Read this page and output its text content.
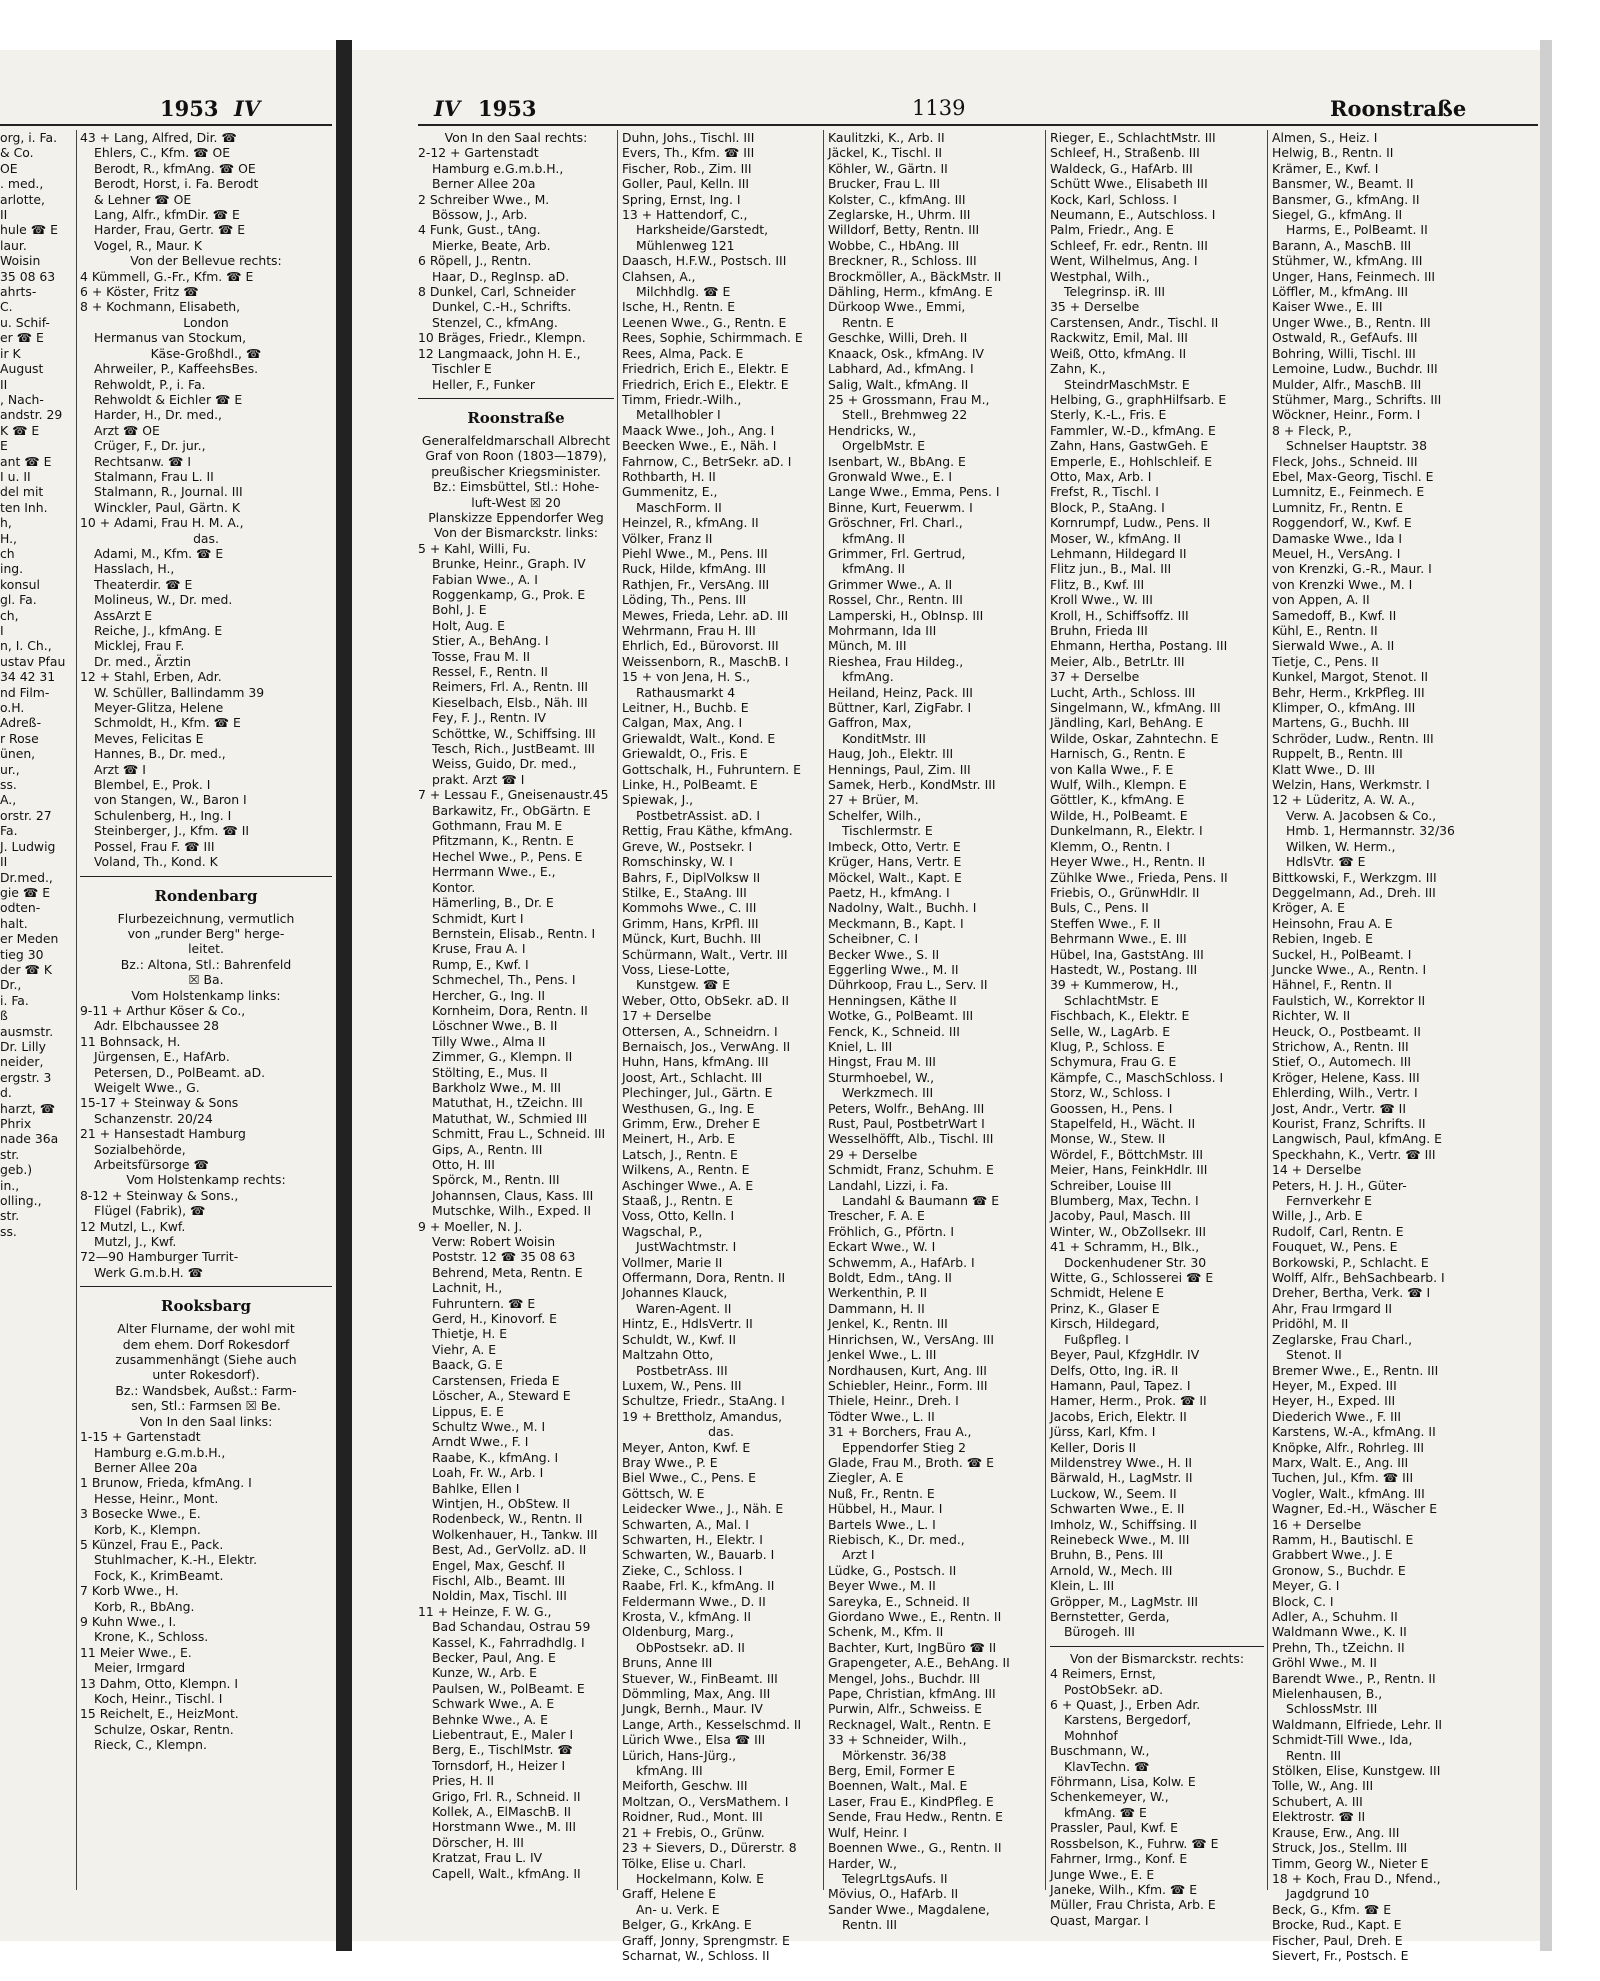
1953 IV	IV 1953	1139	Roonstraße
org, i. Fa.
& Co.
OE
. med.,
arlotte,
II
hule ☎ E
laur.
Woisin
35 08 63
ahrts-
C.
u. Schif-
er ☎ E
ir K
August
II
, Nach-
andstr. 29
K ☎ E
E
ant ☎ E
I u. II
del mit
ten Inh.
h,
H.,
ch
ing.
konsul
gl. Fa.
ch,
I
n, I. Ch.,
ustav Pfau
34 42 31
nd Film-
o.H.
Adreß-
r Rose
ünen,
ur.,
ss.
A.,
orstr. 27
Fa.
J. Ludwig
II
Dr.med.,
gie ☎ E
odten-
halt.
er Meden
tieg 30
der ☎ K
Dr.,
i. Fa.
ß
ausmstr.
Dr. Lilly
neider,
ergstr. 3
d.
harzt, ☎
Phrix
nade 36a
str.
geb.)
in.,
olling.,
str.
ss.
43 + Lang, Alfred, Dir. ☎
Ehlers, C., Kfm. ☎ OE
Berodt, R., kfmAng. ☎ OE
Berodt, Horst, i. Fa. Berodt
& Lehner ☎ OE
Lang, Alfr., kfmDir. ☎ E
Harder, Frau, Gertr. ☎ E
Vogel, R., Maur. K
Von der Bellevue rechts:
4 Kümmell, G.-Fr., Kfm. ☎ E
6 + Köster, Fritz ☎
8 + Kochmann, Elisabeth,
London
Hermanus van Stockum,
Käse-Großhdl., ☎
Ahrweiler, P., KaffeehsBes.
Rehwoldt, P., i. Fa.
Rehwoldt & Eichler ☎ E
Harder, H., Dr. med.,
Arzt ☎ OE
Crüger, F., Dr. jur.,
Rechtsanw. ☎ I
Stalmann, Frau L. II
Stalmann, R., Journal. III
Winckler, Paul, Gärtn. K
10 + Adami, Frau H. M. A.,
das.
Adami, M., Kfm. ☎ E
Hasslach, H.,
Theaterdir. ☎ E
Molineus, W., Dr. med.
AssArzt E
Reiche, J., kfmAng. E
Micklej, Frau F.
Dr. med., Ärztin
12 + Stahl, Erben, Adr.
W. Schüller, Ballindamm 39
Meyer-Glitza, Helene
Schmoldt, H., Kfm. ☎ E
Meves, Felicitas E
Hannes, B., Dr. med.,
Arzt ☎ I
Blembel, E., Prok. I
von Stangen, W., Baron I
Schulenberg, H., Ing. I
Steinberger, J., Kfm. ☎ II
Possel, Frau F. ☎ III
Voland, Th., Kond. K
Rondenbarg
Flurbezeichnung, vermutlich
von „runder Berg" herge-
leitet.
Bz.: Altona, Stl.: Bahrenfeld
☒ Ba.
Vom Holstenkamp links:
9-11 + Arthur Köser & Co.,
Adr. Elbchaussee 28
11 Bohnsack, H.
Jürgensen, E., HafArb.
Petersen, D., PolBeamt. aD.
Weigelt Wwe., G.
15-17 + Steinway & Sons
Schanzenstr. 20/24
21 + Hansestadt Hamburg
Sozialbehörde,
Arbeitsfürsorge ☎
Vom Holstenkamp rechts:
8-12 + Steinway & Sons.,
Flügel (Fabrik), ☎
12 Mutzl, L., Kwf.
Mutzl, J., Kwf.
72—90 Hamburger Turrit-
Werk G.m.b.H. ☎
Rooksbarg
Alter Flurname, der wohl mit
dem ehem. Dorf Rokesdorf
zusammenhängt (Siehe auch
unter Rokesdorf).
Bz.: Wandsbek, Außst.: Farm-
sen, Stl.: Farmsen ☒ Be.
Von In den Saal links:
1-15 + Gartenstadt
Hamburg e.G.m.b.H.,
Berner Allee 20a
1 Brunow, Frieda, kfmAng. I
Hesse, Heinr., Mont.
3 Bosecke Wwe., E.
Korb, K., Klempn.
5 Künzel, Frau E., Pack.
Stuhlmacher, K.-H., Elektr.
Fock, K., KrimBeamt.
7 Korb Wwe., H.
Korb, R., BbAng.
9 Kuhn Wwe., I.
Krone, K., Schloss.
11 Meier Wwe., E.
Meier, Irmgard
13 Dahm, Otto, Klempn. I
Koch, Heinr., Tischl. I
15 Reichelt, E., HeizMont.
Schulze, Oskar, Rentn.
Rieck, C., Klempn.
Von In den Saal rechts:
2-12 + Gartenstadt
Hamburg e.G.m.b.H.,
Berner Allee 20a
2 Schreiber Wwe., M.
Bössow, J., Arb.
4 Funk, Gust., tAng.
Mierke, Beate, Arb.
6 Röpell, J., Rentn.
Haar, D., RegInsp. aD.
8 Dunkel, Carl, Schneider
Dunkel, C.-H., Schrifts.
Stenzel, C., kfmAng.
10 Bräges, Friedr., Klempn.
12 Langmaack, John H. E.,
Tischler E
Heller, F., Funker
Roonstraße
Generalfeldmarschall Albrecht
Graf von Roon (1803—1879),
preußischer Kriegsminister.
Bz.: Eimsbüttel, Stl.: Hohe-
luft-West ☒ 20
Planskizze Eppendorfer Weg
Von der Bismarckstr. links:
5 + Kahl, Willi, Fu.
Brunke, Heinr., Graph. IV
Fabian Wwe., A. I
Roggenkamp, G., Prok. E
Bohl, J. E
Holt, Aug. E
Stier, A., BehAng. I
Tosse, Frau M. II
Ressel, F., Rentn. II
Reimers, Frl. A., Rentn. III
Kieselbach, Elsb., Näh. III
Fey, F. J., Rentn. IV
Schöttke, W., Schiffsing. III
Tesch, Rich., JustBeamt. III
Weiss, Guido, Dr. med.,
prakt. Arzt ☎ I
7 + Lessau F., Gneisenaustr.45
Barkawitz, Fr., ObGärtn. E
Gothmann, Frau M. E
Pfitzmann, K., Rentn. E
Hechel Wwe., P., Pens. E
Herrmann Wwe., E.,
Kontor.
Hämerling, B., Dr. E
Schmidt, Kurt I
Bernstein, Elisab., Rentn. I
Kruse, Frau A. I
Rump, E., Kwf. I
Schmechel, Th., Pens. I
Hercher, G., Ing. II
Kornheim, Dora, Rentn. II
Löschner Wwe., B. II
Tilly Wwe., Alma II
Zimmer, G., Klempn. II
Stölting, E., Mus. II
Barkholz Wwe., M. III
Matuthat, H., tZeichn. III
Matuthat, W., Schmied III
Schmitt, Frau L., Schneid. III
Gips, A., Rentn. III
Otto, H. III
Spörck, M., Rentn. III
Johannsen, Claus, Kass. III
Mutschke, Wilh., Exped. II
9 + Moeller, N. J.
Verw: Robert Woisin
Poststr. 12 ☎ 35 08 63
Behrend, Meta, Rentn. E
Lachnit, H.,
Fuhruntern. ☎ E
Gerd, H., Kinovorf. E
Thietje, H. E
Viehr, A. E
Baack, G. E
Carstensen, Frieda E
Löscher, A., Steward E
Lippus, E. E
Schultz Wwe., M. I
Arndt Wwe., F. I
Raabe, K., kfmAng. I
Loah, Fr. W., Arb. I
Bahlke, Ellen I
Wintjen, H., ObStew. II
Rodenbeck, W., Rentn. II
Wolkenhauer, H., Tankw. III
Best, Ad., GerVollz. aD. II
Engel, Max, Geschf. II
Fischl, Alb., Beamt. III
Noldin, Max, Tischl. III
11 + Heinze, F. W. G.,
Bad Schandau, Ostrau 59
Kassel, K., Fahrradhdlg. I
Becker, Paul, Ang. E
Kunze, W., Arb. E
Paulsen, W., PolBeamt. E
Schwark Wwe., A. E
Behnke Wwe., A. E
Liebentraut, E., Maler I
Berg, E., TischlMstr. ☎
Tornsdorf, H., Heizer I
Pries, H. II
Grigo, Frl. R., Schneid. II
Kollek, A., ElMaschB. II
Horstmann Wwe., M. III
Dörscher, H. III
Kratzat, Frau L. IV
Capell, Walt., kfmAng. II
Duhn, Johs., Tischl. III
Evers, Th., Kfm. ☎ III
Fischer, Rob., Zim. III
Goller, Paul, Kelln. III
Spring, Ernst, Ing. I
13 + Hattendorf, C.,
Harksheide/Garstedt,
Mühlenweg 121
Daasch, H.F.W., Postsch. III
Clahsen, A.,
Milchhdlg. ☎ E
Ische, H., Rentn. E
Leenen Wwe., G., Rentn. E
Rees, Sophie, Schirmmach. E
Rees, Alma, Pack. E
Friedrich, Erich E., Elektr. E
Friedrich, Erich E., Elektr. E
Timm, Friedr.-Wilh.,
Metallhobler I
Maack Wwe., Joh., Ang. I
Beecken Wwe., E., Näh. I
Fahrnow, C., BetrSekr. aD. I
Rothbarth, H. II
Gummenitz, E.,
MaschForm. II
Heinzel, R., kfmAng. II
Völker, Franz II
Piehl Wwe., M., Pens. III
Ruck, Hilde, kfmAng. III
Rathjen, Fr., VersAng. III
Löding, Th., Pens. III
Mewes, Frieda, Lehr. aD. III
Wehrmann, Frau H. III
Ehrlich, Ed., Bürovorst. III
Weissenborn, R., MaschB. I
15 + von Jena, H. S.,
Rathausmarkt 4
Leitner, H., Buchb. E
Calgan, Max, Ang. I
Griewaldt, Walt., Kond. E
Griewaldt, O., Fris. E
Gottschalk, H., Fuhruntern. E
Linke, H., PolBeamt. E
Spiewak, J.,
PostbetrAssist. aD. I
Rettig, Frau Käthe, kfmAng.
Greve, W., Postsekr. I
Romschinsky, W. I
Bahrs, F., DiplVolksw II
Stilke, E., StaAng. III
Kommohs Wwe., C. III
Grimm, Hans, KrPfl. III
Münck, Kurt, Buchh. III
Schürmann, Walt., Vertr. III
Voss, Liese-Lotte,
Kunstgew. ☎ E
Weber, Otto, ObSekr. aD. II
17 + Derselbe
Ottersen, A., Schneidrn. I
Bernaisch, Jos., VerwAng. II
Huhn, Hans, kfmAng. III
Joost, Art., Schlacht. III
Plechinger, Jul., Gärtn. E
Westhusen, G., Ing. E
Grimm, Erw., Dreher E
Meinert, H., Arb. E
Latsch, J., Rentn. E
Wilkens, A., Rentn. E
Aschinger Wwe., A. E
Staaß, J., Rentn. E
Voss, Otto, Kelln. I
Wagschal, P.,
JustWachtmstr. I
Vollmer, Marie II
Offermann, Dora, Rentn. II
Johannes Klauck,
Waren-Agent. II
Hintz, E., HdlsVertr. II
Schuldt, W., Kwf. II
Maltzahn Otto,
PostbetrAss. III
Luxem, W., Pens. III
Schultze, Friedr., StaAng. I
19 + Brettholz, Amandus,
das.
Meyer, Anton, Kwf. E
Bray Wwe., P. E
Biel Wwe., C., Pens. E
Göttsch, W. E
Leidecker Wwe., J., Näh. E
Schwarten, A., Mal. I
Schwarten, H., Elektr. I
Schwarten, W., Bauarb. I
Zieke, C., Schloss. I
Raabe, Frl. K., kfmAng. II
Feldermann Wwe., D. II
Krosta, V., kfmAng. II
Oldenburg, Marg.,
ObPostsekr. aD. II
Bruns, Anne III
Stuever, W., FinBeamt. III
Dömmling, Max, Ang. III
Jungk, Bernh., Maur. IV
Lange, Arth., Kesselschmd. II
Lürich Wwe., Elsa ☎ III
Lürich, Hans-Jürg.,
kfmAng. III
Meiforth, Geschw. III
Moltzan, O., VersMathem. I
Roidner, Rud., Mont. III
21 + Frebis, O., Grünw.
23 + Sievers, D., Dürerstr. 8
Tölke, Elise u. Charl.
Hockelmann, Kolw. E
Graff, Helene E
An- u. Verk. E
Belger, G., KrkAng. E
Graff, Jonny, Sprengmstr. E
Scharnat, W., Schloss. II
Kaulitzki, K., Arb. II
Jäckel, K., Tischl. II
Köhler, W., Gärtn. II
Brucker, Frau L. III
Kolster, C., kfmAng. III
Zeglarske, H., Uhrm. III
Willdorf, Betty, Rentn. III
Wobbe, C., HbAng. III
Breckner, R., Schloss. III
Brockmöller, A., BäckMstr. II
Dähling, Herm., kfmAng. E
Dürkoop Wwe., Emmi,
Rentn. E
Geschke, Willi, Dreh. II
Knaack, Osk., kfmAng. IV
Labhard, Ad., kfmAng. I
Salig, Walt., kfmAng. II
25 + Grossmann, Frau M.,
Stell., Brehmweg 22
Hendricks, W.,
OrgelbMstr. E
Isenbart, W., BbAng. E
Gronwald Wwe., E. I
Lange Wwe., Emma, Pens. I
Binne, Kurt, Feuerwm. I
Gröschner, Frl. Charl.,
kfmAng. II
Grimmer, Frl. Gertrud,
kfmAng. II
Grimmer Wwe., A. II
Rossel, Chr., Rentn. III
Lamperski, H., ObInsp. III
Mohrmann, Ida III
Münch, M. III
Rieshea, Frau Hildeg.,
kfmAng.
Heiland, Heinz, Pack. III
Büttner, Karl, ZigFabr. I
Gaffron, Max,
KonditMstr. III
Haug, Joh., Elektr. III
Hennings, Paul, Zim. III
Samek, Herb., KondMstr. III
27 + Brüer, M.
Schelfer, Wilh.,
Tischlermstr. E
Imbeck, Otto, Vertr. E
Krüger, Hans, Vertr. E
Möckel, Walt., Kapt. E
Paetz, H., kfmAng. I
Nadolny, Walt., Buchh. I
Meckmann, B., Kapt. I
Scheibner, C. I
Becker Wwe., S. II
Eggerling Wwe., M. II
Dührkoop, Frau L., Serv. II
Henningsen, Käthe II
Wotke, G., PolBeamt. III
Fenck, K., Schneid. III
Kniel, L. III
Hingst, Frau M. III
Sturmhoebel, W.,
Werkzmech. III
Peters, Wolfr., BehAng. III
Rust, Paul, PostbetrWart I
Wesselhöfft, Alb., Tischl. III
29 + Derselbe
Schmidt, Franz, Schuhm. E
Landahl, Lizzi, i. Fa.
Landahl & Baumann ☎ E
Trescher, F. A. E
Fröhlich, G., Pförtn. I
Eckart Wwe., W. I
Schwemm, A., HafArb. I
Boldt, Edm., tAng. II
Werkenthin, P. II
Dammann, H. II
Jenkel, K., Rentn. III
Hinrichsen, W., VersAng. III
Jenkel Wwe., L. III
Nordhausen, Kurt, Ang. III
Schiebler, Heinr., Form. III
Thiele, Heinr., Dreh. I
Tödter Wwe., L. II
31 + Borchers, Frau A.,
Eppendorfer Stieg 2
Glade, Frau M., Broth. ☎ E
Ziegler, A. E
Nuß, Fr., Rentn. E
Hübbel, H., Maur. I
Bartels Wwe., L. I
Riebisch, K., Dr. med.,
Arzt I
Lüdke, G., Postsch. II
Beyer Wwe., M. II
Sareyka, E., Schneid. II
Giordano Wwe., E., Rentn. II
Schenk, M., Kfm. II
Bachter, Kurt, IngBüro ☎ II
Grapengeter, A.E., BehAng. II
Mengel, Johs., Buchdr. III
Pape, Christian, kfmAng. III
Purwin, Alfr., Schweiss. E
Recknagel, Walt., Rentn. E
33 + Schneider, Wilh.,
Mörkenstr. 36/38
Berg, Emil, Former E
Boennen, Walt., Mal. E
Laser, Frau E., KindPfleg. E
Sende, Frau Hedw., Rentn. E
Wulf, Heinr. I
Boennen Wwe., G., Rentn. II
Harder, W.,
TelegrLtgsAufs. II
Mövius, O., HafArb. II
Sander Wwe., Magdalene,
Rentn. III
Rieger, E., SchlachtMstr. III
Schleef, H., Straßenb. III
Waldeck, G., HafArb. III
Schütt Wwe., Elisabeth III
Kock, Karl, Schloss. I
Neumann, E., Autschloss. I
Palm, Friedr., Ang. E
Schleef, Fr. edr., Rentn. III
Went, Wilhelmus, Ang. I
Westphal, Wilh.,
Telegrinsp. iR. III
35 + Derselbe
Carstensen, Andr., Tischl. II
Rackwitz, Emil, Mal. III
Weiß, Otto, kfmAng. II
Zahn, K.,
SteindrMaschMstr. E
Helbing, G., graphHilfsarb. E
Sterly, K.-L., Fris. E
Fammler, W.-D., kfmAng. E
Zahn, Hans, GastwGeh. E
Emperle, E., Hohlschleif. E
Otto, Max, Arb. I
Frefst, R., Tischl. I
Block, P., StaAng. I
Kornrumpf, Ludw., Pens. II
Moser, W., kfmAng. II
Lehmann, Hildegard II
Flitz jun., B., Mal. III
Flitz, B., Kwf. III
Kroll Wwe., W. III
Kroll, H., Schiffsoffz. III
Bruhn, Frieda III
Ehmann, Hertha, Postang. III
Meier, Alb., BetrLtr. III
37 + Derselbe
Lucht, Arth., Schloss. III
Singelmann, W., kfmAng. III
Jändling, Karl, BehAng. E
Wilde, Oskar, Zahntechn. E
Harnisch, G., Rentn. E
von Kalla Wwe., F. E
Wulf, Wilh., Klempn. E
Göttler, K., kfmAng. E
Wilde, H., PolBeamt. E
Dunkelmann, R., Elektr. I
Klemm, O., Rentn. I
Heyer Wwe., H., Rentn. II
Zühlke Wwe., Frieda, Pens. II
Friebis, O., GrünwHdlr. II
Buls, C., Pens. II
Steffen Wwe., F. II
Behrmann Wwe., E. III
Hübel, Ina, GaststAng. III
Hastedt, W., Postang. III
39 + Kummerow, H.,
SchlachtMstr. E
Fischbach, K., Elektr. E
Selle, W., LagArb. E
Klug, P., Schloss. E
Schymura, Frau G. E
Kämpfe, C., MaschSchloss. I
Storz, W., Schloss. I
Goossen, H., Pens. I
Stapelfeld, H., Wächt. II
Monse, W., Stew. II
Wördel, F., BöttchMstr. III
Meier, Hans, FeinkHdlr. III
Schreiber, Louise III
Blumberg, Max, Techn. I
Jacoby, Paul, Masch. III
Winter, W., ObZollsekr. III
41 + Schramm, H., Blk.,
Dockenhudener Str. 30
Witte, G., Schlosserei ☎ E
Schmidt, Helene E
Prinz, K., Glaser E
Kirsch, Hildegard,
Fußpfleg. I
Beyer, Paul, KfzgHdlr. IV
Delfs, Otto, Ing. iR. II
Hamann, Paul, Tapez. I
Hamer, Herm., Prok. ☎ II
Jacobs, Erich, Elektr. II
Jürss, Karl, Kfm. I
Keller, Doris II
Mildenstrey Wwe., H. II
Bärwald, H., LagMstr. II
Luckow, W., Seem. II
Schwarten Wwe., E. II
Imholz, W., Schiffsing. II
Reinebeck Wwe., M. III
Bruhn, B., Pens. III
Arnold, W., Mech. III
Klein, L. III
Gröpper, M., LagMstr. III
Bernstetter, Gerda,
Bürogeh. III
Von der Bismarckstr. rechts:
4 Reimers, Ernst,
PostObSekr. aD.
6 + Quast, J., Erben Adr.
Karstens, Bergedorf,
Mohnhof
Buschmann, W.,
KlavTechn. ☎
Föhrmann, Lisa, Kolw. E
Schenkemeyer, W.,
kfmAng. ☎ E
Prassler, Paul, Kwf. E
Rossbelson, K., Fuhrw. ☎ E
Fahrner, Irmg., Konf. E
Junge Wwe., E. E
Janeke, Wilh., Kfm. ☎ E
Müller, Frau Christa, Arb. E
Quast, Margar. I
Almen, S., Heiz. I
Helwig, B., Rentn. II
Krämer, E., Kwf. I
Bansmer, W., Beamt. II
Bansmer, G., kfmAng. II
Siegel, G., kfmAng. II
Harms, E., PolBeamt. II
Barann, A., MaschB. III
Stühmer, W., kfmAng. III
Unger, Hans, Feinmech. III
Löffler, M., kfmAng. III
Kaiser Wwe., E. III
Unger Wwe., B., Rentn. III
Ostwald, R., GefAufs. III
Bohring, Willi, Tischl. III
Lemoine, Ludw., Buchdr. III
Mulder, Alfr., MaschB. III
Stühmer, Marg., Schrifts. III
Wöckner, Heinr., Form. I
8 + Fleck, P.,
Schnelser Hauptstr. 38
Fleck, Johs., Schneid. III
Ebel, Max-Georg, Tischl. E
Lumnitz, E., Feinmech. E
Lumnitz, Fr., Rentn. E
Roggendorf, W., Kwf. E
Damaske Wwe., Ida I
Meuel, H., VersAng. I
von Krenzki, G.-R., Maur. I
von Krenzki Wwe., M. I
von Appen, A. II
Samedoff, B., Kwf. II
Kühl, E., Rentn. II
Sierwald Wwe., A. II
Tietje, C., Pens. II
Kunkel, Margot, Stenot. II
Behr, Herm., KrkPfleg. III
Klimper, O., kfmAng. III
Martens, G., Buchh. III
Schröder, Ludw., Rentn. III
Ruppelt, B., Rentn. III
Klatt Wwe., D. III
Welzin, Hans, Werkmstr. I
12 + Lüderitz, A. W. A.,
Verw. A. Jacobsen & Co.,
Hmb. 1, Hermannstr. 32/36
Wilken, W. Herm.,
HdlsVtr. ☎ E
Bittkowski, F., Werkzgm. III
Deggelmann, Ad., Dreh. III
Kröger, A. E
Heinsohn, Frau A. E
Rebien, Ingeb. E
Suckel, H., PolBeamt. I
Juncke Wwe., A., Rentn. I
Hähnel, F., Rentn. II
Faulstich, W., Korrektor II
Richter, W. II
Heuck, O., Postbeamt. II
Strichow, A., Rentn. III
Stief, O., Automech. III
Kröger, Helene, Kass. III
Ehlerding, Wilh., Vertr. I
Jost, Andr., Vertr. ☎ II
Kourist, Franz, Schrifts. II
Langwisch, Paul, kfmAng. E
Speckhahn, K., Vertr. ☎ III
14 + Derselbe
Peters, H. J. H., Güter-
Fernverkehr E
Wille, J., Arb. E
Rudolf, Carl, Rentn. E
Fouquet, W., Pens. E
Borkowski, P., Schlacht. E
Wolff, Alfr., BehSachbearb. I
Dreher, Bertha, Verk. ☎ I
Ahr, Frau Irmgard II
Pridöhl, M. II
Zeglarske, Frau Charl.,
Stenot. II
Bremer Wwe., E., Rentn. III
Heyer, M., Exped. III
Heyer, H., Exped. III
Diederich Wwe., F. III
Karstens, W.-A., kfmAng. II
Knöpke, Alfr., Rohrleg. III
Marx, Walt. E., Ang. III
Tuchen, Jul., Kfm. ☎ III
Vogler, Walt., kfmAng. III
Wagner, Ed.-H., Wäscher E
16 + Derselbe
Ramm, H., Bautischl. E
Grabbert Wwe., J. E
Gronow, S., Buchdr. E
Meyer, G. I
Block, C. I
Adler, A., Schuhm. II
Waldmann Wwe., K. II
Prehn, Th., tZeichn. II
Gröhl Wwe., M. II
Barendt Wwe., P., Rentn. II
Mielenhausen, B.,
SchlossMstr. III
Waldmann, Elfriede, Lehr. II
Schmidt-Till Wwe., Ida,
Rentn. III
Stölken, Elise, Kunstgew. III
Tolle, W., Ang. III
Schubert, A. III
Elektrostr. ☎ II
Krause, Erw., Ang. III
Struck, Jos., Stellm. III
Timm, Georg W., Nieter E
18 + Koch, Frau D., Nfend.,
Jagdgrund 10
Beck, G., Kfm. ☎ E
Brocke, Rud., Kapt. E
Fischer, Paul, Dreh. E
Sievert, Fr., Postsch. E
